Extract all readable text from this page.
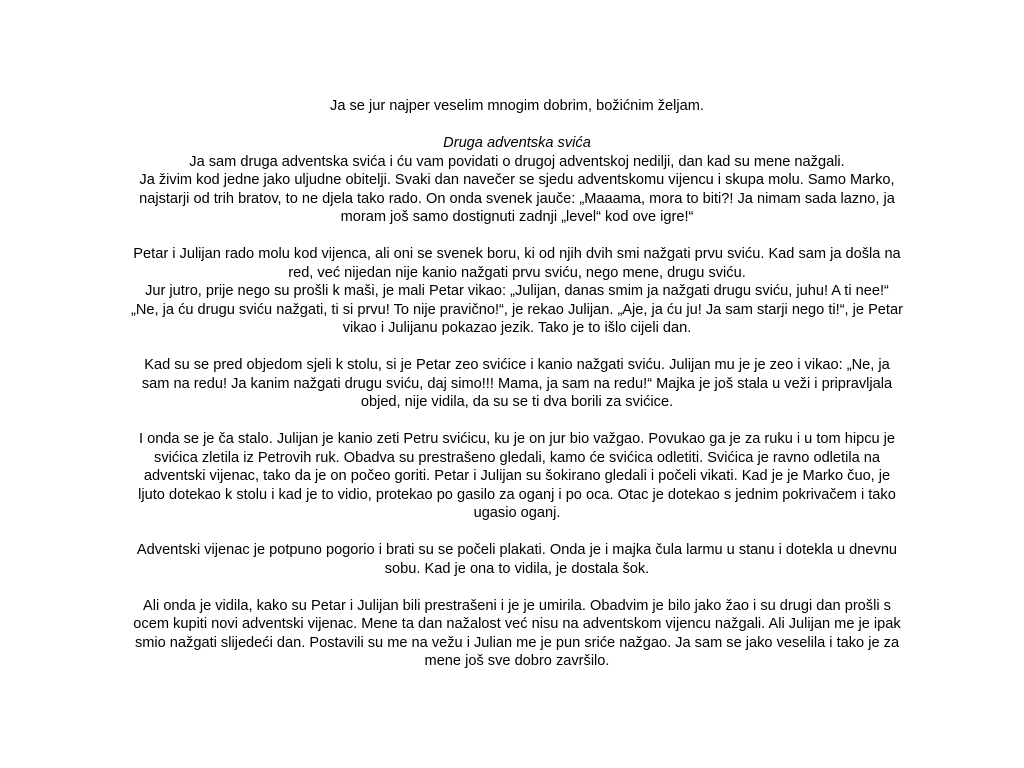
Ja se jur najper veselim mnogim dobrim, božićnim željam.

Druga adventska svića

Ja sam druga adventska svića i ću vam povidati o drugoj adventskoj nedilji, dan kad su mene nažgali.

Ja živim kod jedne jako uljudne obitelji. Svaki dan navečer se sjedu adventskomu vijencu i skupa molu. Samo Marko, najstarji od trih bratov, to ne djela tako rado. On onda svenek jauče: „Maaama, mora to biti?! Ja nimam sada lazno, ja moram još samo dostignuti zadnji „level“ kod ove igre!“

Petar i Julijan rado molu kod vijenca, ali oni se svenek boru, ki od njih dvih smi nažgati prvu sviću. Kad sam ja došla na red, već nijedan nije kanio nažgati prvu sviću, nego mene, drugu sviću.

Jur jutro, prije nego su prošli k maši, je mali Petar vikao: „Julijan, danas smim ja nažgati drugu sviću, juhu! A ti nee!“ „Ne, ja ću drugu sviću nažgati, ti si prvu! To nije pravično!“, je rekao Julijan. „Aje, ja ću ju! Ja sam starji nego ti!“, je Petar vikao i Julijanu pokazao jezik. Tako je to išlo cijeli dan.

Kad su se pred objedom sjeli k stolu, si je Petar zeo svićice i kanio nažgati sviću. Julijan mu je je zeo i vikao: „Ne, ja sam na redu! Ja kanim nažgati drugu sviću, daj simo!!! Mama, ja sam na redu!“ Majka je još stala u veži i pripravljala objed, nije vidila, da su se ti dva borili za svićice.

I onda se je ča stalo. Julijan je kanio zeti Petru svićicu, ku je on jur bio važgao. Povukao ga je za ruku i u tom hipcu je svićica zletila iz Petrovih ruk. Obadva su prestrašeno gledali, kamo će svićica odletiti. Svićica je ravno odletila na adventski vijenac, tako da je on počeo goriti. Petar i Julijan su šokirano gledali i počeli vikati. Kad je je Marko čuo, je ljuto dotekao k stolu i kad je to vidio, protekao po gasilo za oganj i po oca. Otac je dotekao s jednim pokrivačem i tako ugasio oganj.

Adventski vijenac je potpuno pogorio i brati su se počeli plakati. Onda je i majka čula larmu u stanu i dotekla u dnevnu sobu. Kad je ona to vidila, je dostala šok.

Ali onda je vidila, kako su Petar i Julijan bili prestrašeni i je je umirila. Obadvim je bilo jako žao i su drugi dan prošli s ocem kupiti novi adventski vijenac. Mene ta dan nažalost već nisu na adventskom vijencu nažgali. Ali Julijan me je ipak smio nažgati slijedeći dan. Postavili su me na vežu i Julian me je pun sriće nažgao. Ja sam se jako veselila i tako je za mene još sve dobro završilo.
